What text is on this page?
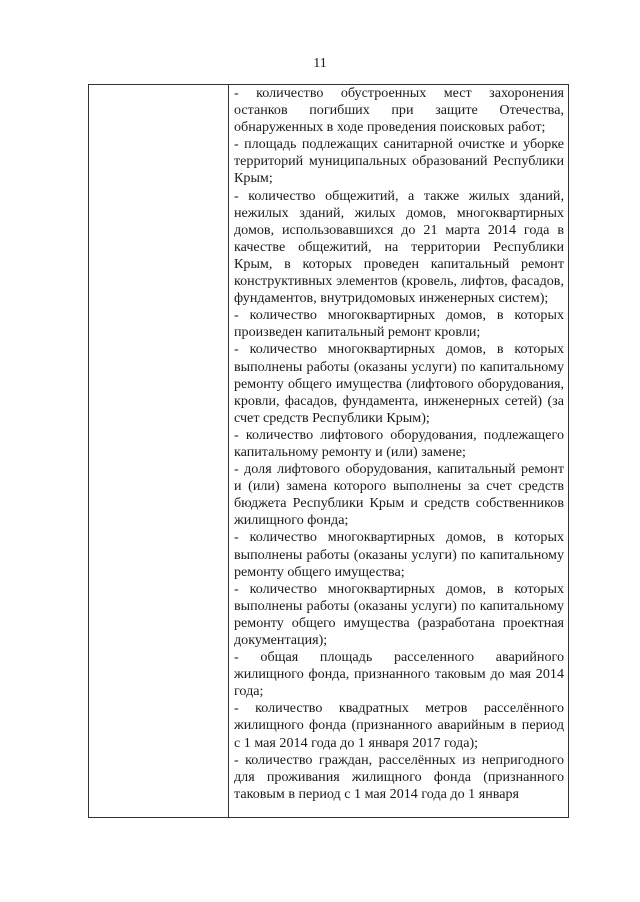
11

- количество обустроенных мест захоронения останков погибших при защите Отечества, обнаруженных в ходе проведения поисковых работ;

- площадь подлежащих санитарной очистке и уборке территорий муниципальных образований Республики Крым;

- количество общежитий, а также жилых зданий, нежилых зданий, жилых домов, многоквартирных домов, использовавшихся до 21 марта 2014 года в качестве общежитий, на территории Республики Крым, в которых проведен капитальный ремонт конструктивных элементов (кровель, лифтов, фасадов, фундаментов, внутридомовых инженерных систем);

- количество многоквартирных домов, в которых произведен капитальный ремонт кровли;

- количество многоквартирных домов, в которых выполнены работы (оказаны услуги) по капитальному ремонту общего имущества (лифтового оборудования, кровли, фасадов, фундамента, инженерных сетей) (за счет средств Республики Крым);

- количество лифтового оборудования, подлежащего капитальному ремонту и (или) замене;

- доля лифтового оборудования, капитальный ремонт и (или) замена которого выполнены за счет средств бюджета Республики Крым и средств собственников жилищного фонда;

- количество многоквартирных домов, в которых выполнены работы (оказаны услуги) по капитальному ремонту общего имущества;

- количество многоквартирных домов, в которых выполнены работы (оказаны услуги) по капитальному ремонту общего имущества (разработана проектная документация);

- общая площадь расселенного аварийного жилищного фонда, признанного таковым до мая 2014 года;

- количество квадратных метров расселённого жилищного фонда (признанного аварийным в период с 1 мая 2014 года до 1 января 2017 года);

- количество граждан, расселённых из непригодного для проживания жилищного фонда (признанного таковым в период с 1 мая 2014 года до 1 января
